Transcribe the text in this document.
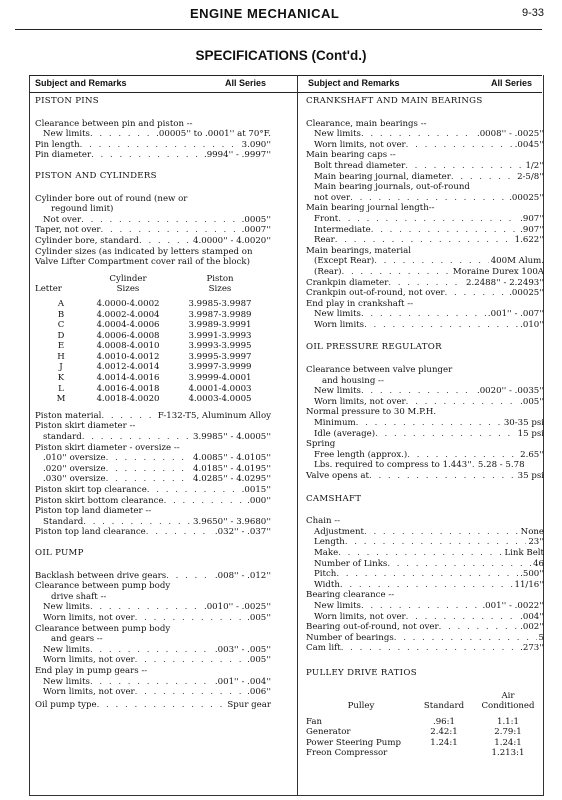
ENGINE MECHANICAL	9-33
SPECIFICATIONS (Cont'd.)
Subject and Remarks	All Series	Subject and Remarks	All Series
PISTON PINS
Clearance between pin and piston --
New limits . . .	.00005'' to .0001'' at 70°F.
Pin length . . .	3.090''
Pin diameter . . .	.9994'' - .9997''
PISTON AND CYLINDERS
Cylinder bore out of round (new or
regound limit)
Not over . . .	.0005''
Taper, not over . . .	.0007''
Cylinder bore, standard . . .	4.0000'' - 4.0020''
Cylinder sizes (as indicated by letters stamped on Valve Lifter Compartment cover rail of the block)
	Cylinder	Piston
Letter	Sizes	Sizes

A	4.0000-4.0002	3.9985-3.9987
B	4.0002-4.0004	3.9987-3.9989
C	4.0004-4.0006	3.9989-3.9991
D	4.0006-4.0008	3.9991-3.9993
E	4.0008-4.0010	3.9993-3.9995
H	4.0010-4.0012	3.9995-3.9997
J	4.0012-4.0014	3.9997-3.9999
K	4.0014-4.0016	3.9999-4.0001
L	4.0016-4.0018	4.0001-4.0003
M	4.0018-4.0020	4.0003-4.0005
Piston material . . .	F-132-T5, Aluminum Alloy
Piston skirt diameter --
standard . . .	3.9985'' - 4.0005''
Piston skirt diameter - oversize --
.010'' oversize . . .	4.0085'' - 4.0105''
.020'' oversize . . .	4.0185'' - 4.0195''
.030'' oversize . . .	4.0285'' - 4.0295''
Piston skirt top clearance . . .	.0015''
Piston skirt bottom clearance . . .	.000''
Piston top land diameter --
Standard . . .	3.9650'' - 3.9680''
Piston top land clearance . . .	.032'' - .037''
OIL PUMP
Backlash between drive gears . . .	.008'' - .012''
Clearance between pump body
drive shaft --
New limits . . .	.0010'' - .0025''
Worn limits, not over . . .	.005''
Clearance between pump body
and gears --
New limits . . .	.003'' - .005''
Worn limits, not over . . .	.005''
End play in pump gears --
New limits . . .	.001'' - .004''
Worn limits, not over . . .	.006''
Oil pump type . . .	Spur gear
CRANKSHAFT AND MAIN BEARINGS
Clearance, main bearings --
New limits . . .	.0008'' - .0025''
Worn limits, not over . . .	.0045''
Main bearing caps --
Bolt thread diameter . . .	1/2''
Main bearing journal, diameter . . .	2-5/8''
Main bearing journals, out-of-round
not over . . .	.00025''
Main bearing journal length--
Front . . .	.907''
Intermediate . . .	.907''
Rear . . .	1.622''
Main bearings, material
(Except Rear) . . .	400M Alum.
(Rear) . . .	Moraine Durex 100A
Crankpin diameter . . .	2.2488'' - 2.2493''
Crankpin out-of-round, not over . . .	.00025''
End play in crankshaft --
New limits . . .	.001'' - .007''
Worn limits . . .	.010''
OIL PRESSURE REGULATOR
Clearance between valve plunger
and housing --
New limits . . .	.0020'' - .0035''
Worn limits, not over . . .	.005''
Normal pressure to 30 M.P.H.
Minimum . . .	30-35 psi
Idle (average) . . .	15 psi
Spring
Free length (approx.) . . .	2.65''
Lbs. required to compress to 1.443'' . . . 5.28 - 5.78
Valve opens at . . .	35 psi
CAMSHAFT
Chain --
Adjustment . . .	None
Length . . .	23''
Make . . .	Link Belt
Number of Links . . .	46
Pitch . . .	.500''
Width . . .	11/16''
Bearing clearance --
New limits . . .	.001'' - .0022''
Worn limits, not over . . .	.004''
Bearing out-of-round, not over . . .	.002''
Number of bearings . . .	5
Cam lift . . .	.273''
PULLEY DRIVE RATIOS
		Air
Pulley	Standard	Conditioned

Fan	.96:1	1.1:1
Generator	2.42:1	2.79:1
Power Steering Pump	1.24:1	1.24:1
Freon Compressor		1.213:1
